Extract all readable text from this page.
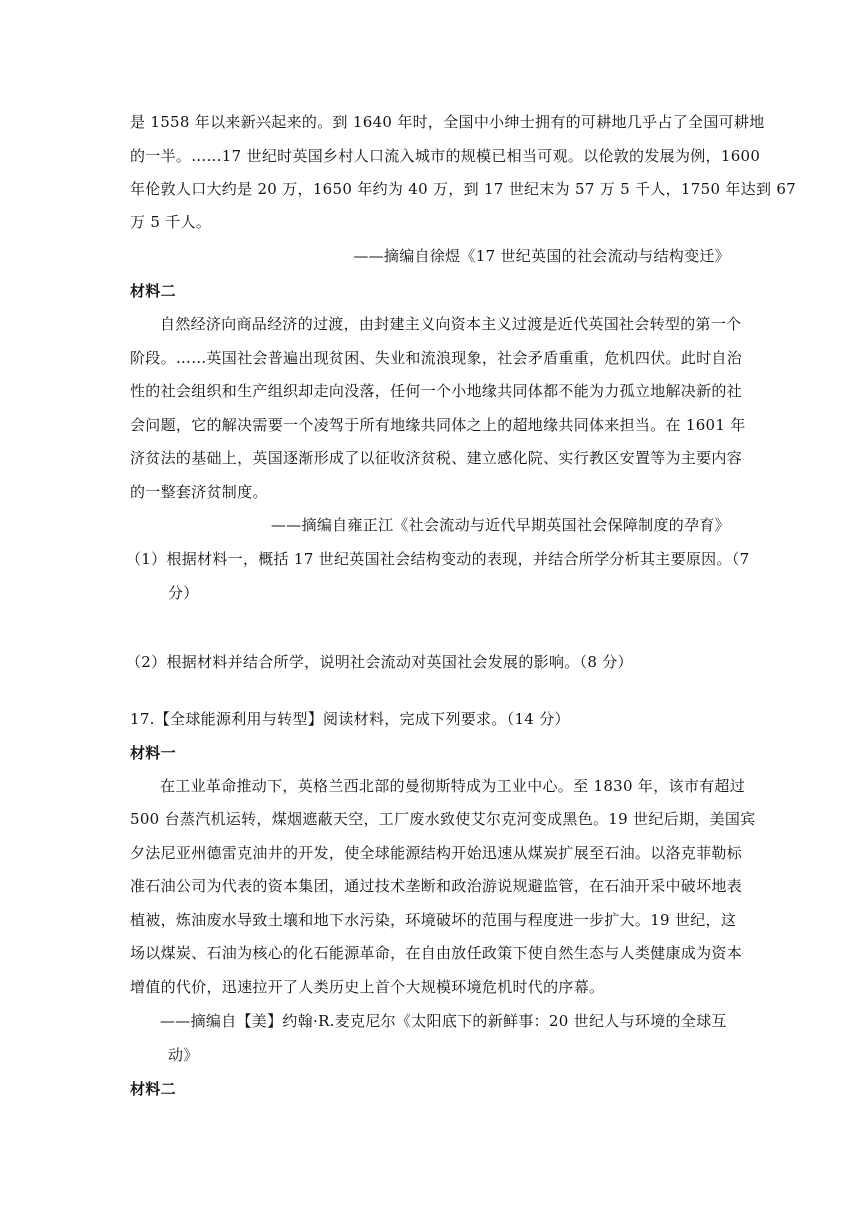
是 1558 年以来新兴起来的。到 1640 年时，全国中小绅士拥有的可耕地几乎占了全国可耕地
的一半。……17 世纪时英国乡村人口流入城市的规模已相当可观。以伦敦的发展为例，1600
年伦敦人口大约是 20 万，1650 年约为 40 万，到 17 世纪末为 57 万 5 千人，1750 年达到 67
万 5 千人。
——摘编自徐煜《17 世纪英国的社会流动与结构变迁》
材料二
自然经济向商品经济的过渡，由封建主义向资本主义过渡是近代英国社会转型的第一个
阶段。……英国社会普遍出现贫困、失业和流浪现象，社会矛盾重重，危机四伏。此时自治
性的社会组织和生产组织却走向没落，任何一个小地缘共同体都不能为力孤立地解决新的社
会问题，它的解决需要一个凌驾于所有地缘共同体之上的超地缘共同体来担当。在 1601 年
济贫法的基础上，英国逐渐形成了以征收济贫税、建立感化院、实行教区安置等为主要内容
的一整套济贫制度。
——摘编自雍正江《社会流动与近代早期英国社会保障制度的孕育》
（1）根据材料一，概括 17 世纪英国社会结构变动的表现，并结合所学分析其主要原因。（7
分）
（2）根据材料并结合所学，说明社会流动对英国社会发展的影响。（8 分）
17.【全球能源利用与转型】阅读材料，完成下列要求。（14 分）
材料一
在工业革命推动下，英格兰西北部的曼彻斯特成为工业中心。至 1830 年，该市有超过
500 台蒸汽机运转，煤烟遮蔽天空，工厂废水致使艾尔克河变成黑色。19 世纪后期，美国宾
夕法尼亚州德雷克油井的开发，使全球能源结构开始迅速从煤炭扩展至石油。以洛克菲勒标
准石油公司为代表的资本集团，通过技术垄断和政治游说规避监管，在石油开采中破坏地表
植被，炼油废水导致土壤和地下水污染，环境破坏的范围与程度进一步扩大。19 世纪，这
场以煤炭、石油为核心的化石能源革命，在自由放任政策下使自然生态与人类健康成为资本
增值的代价，迅速拉开了人类历史上首个大规模环境危机时代的序幕。
——摘编自【美】约翰·R.麦克尼尔《太阳底下的新鲜事：20 世纪人与环境的全球互
动》
材料二
